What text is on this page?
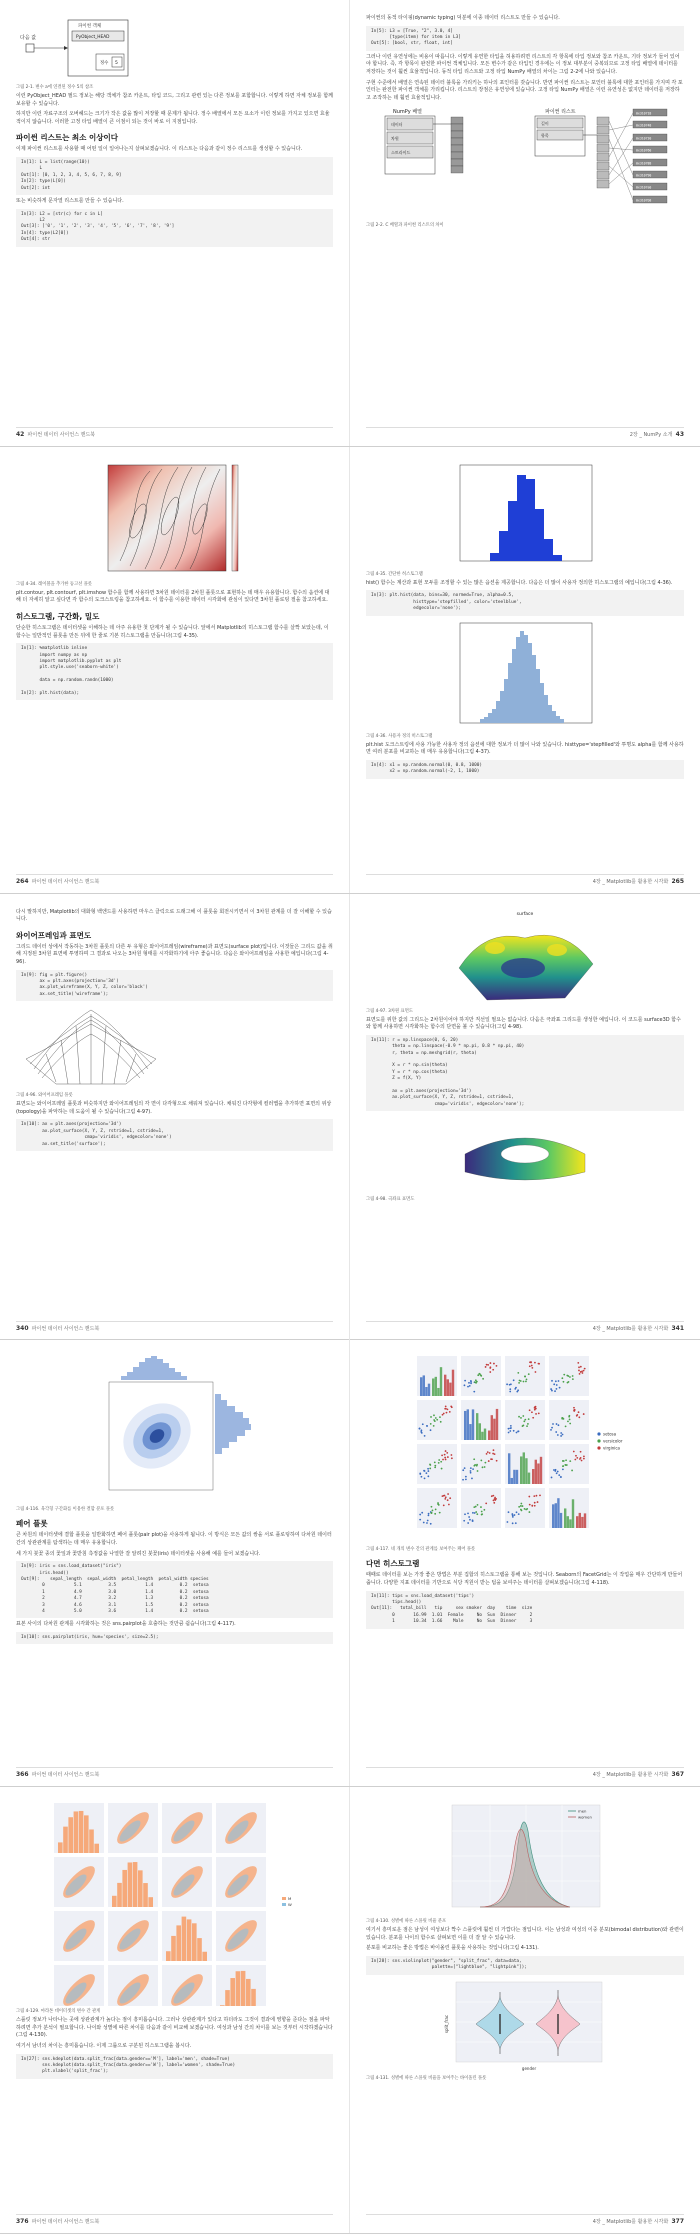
다음 값
파이썬 객체
PyObject_HEAD
정수 5
그림 2-1. 변수 a에 연결된 정수 5의 참조

이런 PyObject_HEAD 필드 정보는 해당 객체가 참조 카운트, 타입 코드, 그리고 관련 있는 다른 정보를 포함합니다. 이렇게 하면 자체 정보를 함께 보유할 수 있습니다.

하지만 이런 자료구조의 오버헤드는 크기가 작은 값을 많이 저장할 때 문제가 됩니다. 정수 배열에서 모든 요소가 이런 정보를 가지고 있으면 효율적이지 않습니다. 이러한 고정 타입 배열이 큰 이점이 되는 것이 바로 이 지점입니다.

파이썬 리스트는 최소 이상이다

이제 파이썬 리스트를 사용할 때 어떤 일이 일어나는지 살펴보겠습니다. 이 리스트는 다음과 같이 정수 리스트를 생성할 수 있습니다.

In[1]: L = list(range(10))
L
Out[1]: [0, 1, 2, 3, 4, 5, 6, 7, 8, 9]
In[2]: type(L[0])
Out[2]: int

또는 비슷하게 문자열 리스트를 만들 수 있습니다.

In[3]: L2 = [str(c) for c in L]
L2
Out[3]: ['0', '1', '2', '3', '4', '5', '6', '7', '8', '9']
In[4]: type(L2[0])
Out[4]: str
42 파이썬 데이터 사이언스 핸드북

파이썬의 동적 타이핑(dynamic typing) 덕분에 이종 데이터 리스트도 만들 수 있습니다.

In[5]: L3 = [True, "2", 3.0, 4]
[type(item) for item in L3]
Out[5]: [bool, str, float, int]

그러나 이런 유연성에는 비용이 따릅니다. 이렇게 유연한 타입을 허용하려면 리스트의 각 항목에 타입 정보와 참조 카운트, 기타 정보가 들어 있어야 합니다. 즉, 각 항목이 완전한 파이썬 객체입니다. 모든 변수가 같은 타입인 경우에는 이 정보 대부분이 중복되므로 고정 타입 배열에 데이터를 저장하는 것이 훨씬 효율적입니다. 동적 타입 리스트와 고정 타입 NumPy 배열의 차이는 그림 2-2에 나와 있습니다.

구현 수준에서 배열은 연속된 데이터 블록을 가리키는 하나의 포인터를 갖습니다. 반면 파이썬 리스트는 포인터 블록에 대한 포인터를 가지며 각 포인터는 완전한 파이썬 객체를 가리킵니다. 리스트의 장점은 유연성에 있습니다. 고정 타입 NumPy 배열은 이런 유연성은 없지만 데이터를 저장하고 조작하는 데 훨씬 효율적입니다.

NumPy 배열
데이터
차원
스트라이드
파이썬 리스트
길이
항목
0x310718
0x310748
0x310730
0x310760
0x310788
0x310790
0x3107a0
0x3107b8
그림 2-2. C 배열과 파이썬 리스트의 차이
2장 _ NumPy 소개 43
그림 4-34. 레이블을 추가한 등고선 플롯

plt.contour, plt.contourf, plt.imshow 함수를 함께 사용하면 3차원 데이터를 2차원 플롯으로 표현하는 데 매우 유용합니다. 함수의 옵션에 대해 더 자세히 알고 싶다면 각 함수의 도크스트링을 참고하세요. 이 함수를 이용한 데이터 시각화에 관심이 있다면 3차원 플로팅 절을 참고하세요.

히스토그램, 구간화, 밀도

단순한 히스토그램은 데이터셋을 이해하는 데 아주 유용한 첫 단계가 될 수 있습니다. 앞에서 Matplotlib의 히스토그램 함수를 살짝 보았는데, 이 함수는 일반적인 플롯을 만든 뒤에 한 줄로 기본 히스토그램을 만듭니다(그림 4-35).

In[1]: %matplotlib inline
import numpy as np
import matplotlib.pyplot as plt
plt.style.use('seaborn-white')

data = np.random.randn(1000)

In[2]: plt.hist(data);
264 파이썬 데이터 사이언스 핸드북
그림 4-35. 간단한 히스토그램

hist() 함수는 계산과 표현 모두를 조정할 수 있는 많은 옵션을 제공합니다. 다음은 더 많이 사용자 정의한 히스토그램의 예입니다(그림 4-36).

In[3]: plt.hist(data, bins=30, normed=True, alpha=0.5,
histtype='stepfilled', color='steelblue',
edgecolor='none');
그림 4-36. 사용자 정의 히스토그램

plt.hist 도크스트링에 사용 가능한 사용자 정의 옵션에 대한 정보가 더 많이 나와 있습니다. histtype='stepfilled'와 투명도 alpha를 함께 사용하면 여러 분포를 비교하는 데 매우 유용합니다(그림 4-37).

In[4]: x1 = np.random.normal(0, 0.8, 1000)
x2 = np.random.normal(-2, 1, 1000)
4장 _ Matplotlib를 활용한 시각화 265

다시 말하지만, Matplotlib의 대화형 백엔드를 사용하면 마우스 클릭으로 드래그해 이 플롯을 회전시키면서 이 3차원 관계를 더 잘 이해할 수 있습니다.

와이어프레임과 표면도

그리드 데이터 상에서 작동하는 3차원 플롯의 다른 두 유형은 와이어프레임(wireframe)과 표면도(surface plot)입니다. 이것들은 그리드 값을 취해 지정된 3차원 표면에 투영하며 그 결과로 나오는 3차원 형태를 시각화하기에 아주 좋습니다. 다음은 와이어프레임을 사용한 예입니다(그림 4-96).

In[9]: fig = plt.figure()
ax = plt.axes(projection='3d')
ax.plot_wireframe(X, Y, Z, color='black')
ax.set_title('wireframe');
그림 4-96. 와이어프레임 플롯

표면도는 와이어프레임 플롯과 비슷하지만 와이어프레임의 각 면이 다각형으로 채워져 있습니다. 채워진 다각형에 컬러맵을 추가하면 표면의 위상(topology)을 파악하는 데 도움이 될 수 있습니다(그림 4-97).

In[10]: ax = plt.axes(projection='3d')
ax.plot_surface(X, Y, Z, rstride=1, cstride=1,
cmap='viridis', edgecolor='none')
ax.set_title('surface');
340 파이썬 데이터 사이언스 핸드북
surface
그림 4-97. 3차원 표면도

표면도를 위한 값의 그리드는 2차원이어야 하지만 직선일 필요는 없습니다. 다음은 극좌표 그리드를 생성한 예입니다. 이 코드를 surface3D 함수와 함께 사용하면 시각화하는 함수의 단면을 볼 수 있습니다(그림 4-98).

In[11]: r = np.linspace(0, 6, 20)
theta = np.linspace(-0.9 * np.pi, 0.8 * np.pi, 40)
r, theta = np.meshgrid(r, theta)

X = r * np.sin(theta)
Y = r * np.cos(theta)
Z = f(X, Y)

ax = plt.axes(projection='3d')
ax.plot_surface(X, Y, Z, rstride=1, cstride=1,
cmap='viridis', edgecolor='none');
그림 4-98. 극좌표 표면도
4장 _ Matplotlib를 활용한 시각화 341
그림 4-116. 육각형 구간화를 이용한 결합 분포 플롯
페어 플롯

큰 차원의 데이터셋에 결합 플롯을 일반화하면 페어 플롯(pair plot)을 사용하게 됩니다. 이 방식은 모든 값의 쌍을 서로 플로팅하여 다차원 데이터 간의 상관관계를 탐색하는 데 매우 유용합니다.

세 가지 붓꽃 종의 꽃잎과 꽃받침 측정값을 나열한 잘 알려진 붓꽃(iris) 데이터셋을 사용해 예를 들어 보겠습니다.

In[9]: iris = sns.load_dataset("iris")
iris.head()
Out[9]:    sepal_length  sepal_width  petal_length  petal_width species
0           5.1          3.5           1.4          0.2  setosa
1           4.9          3.0           1.4          0.2  setosa
2           4.7          3.2           1.3          0.2  setosa
3           4.6          3.1           1.5          0.2  setosa
4           5.0          3.6           1.4          0.2  setosa

표본 사이의 다차원 관계를 시각화하는 것은 sns.pairplot을 호출하는 것만큼 쉽습니다(그림 4-117).

In[10]: sns.pairplot(iris, hue='species', size=2.5);
366 파이썬 데이터 사이언스 핸드북
setosa
versicolor
virginica
그림 4-117. 네 개의 변수 간의 관계를 보여주는 페어 플롯
다면 히스토그램

때때로 데이터를 보는 가장 좋은 방법은 부분 집합의 히스토그램을 통해 보는 것입니다. Seaborn의 FacetGrid는 이 작업을 매우 간단하게 만들어 줍니다. 다양한 지표 데이터를 기반으로 식당 직원이 받는 팁을 보여주는 데이터를 살펴보겠습니다(그림 4-118).

In[11]: tips = sns.load_dataset('tips')
tips.head()
Out[11]:   total_bill   tip     sex smoker  day    time  size
0       16.99  1.01  Female     No  Sun  Dinner     2
1       10.34  1.66    Male     No  Sun  Dinner     3
4장 _ Matplotlib를 활용한 시각화 367
M
W
그림 4-129. 마라톤 데이터셋의 변수 간 관계

스플릿 정보가 나타나는 곳에 상관관계가 높다는 점이 흥미롭습니다. 그러나 상관관계가 있다고 하더라도 그것이 결과에 영향을 준다는 점을 파악하려면 추가 분석이 필요합니다. 나이와 성별에 따른 차이를 다음과 같이 비교해 보겠습니다. 여성과 남성 간의 차이를 보는 것부터 시작하겠습니다(그림 4-130).

여기서 남녀의 차이는 흥미롭습니다. 이제 그룹으로 구분된 히스토그램을 봅시다.

In[27]: sns.kdeplot(data.split_frac[data.gender=='M'], label='men', shade=True)
sns.kdeplot(data.split_frac[data.gender=='W'], label='women', shade=True)
plt.xlabel('split_frac');
376 파이썬 데이터 사이언스 핸드북
men
women
그림 4-130. 성별에 따른 스플릿 비율 분포

여기서 흥미로운 점은 남성이 여성보다 짝수 스플릿에 훨씬 더 가깝다는 점입니다. 이는 남성과 여성의 이중 분포(bimodal distribution)와 관련이 있습니다. 분포를 나이의 함수로 살펴보면 이를 더 잘 알 수 있습니다.

분포를 비교하는 좋은 방법은 바이올린 플롯을 사용하는 것입니다(그림 4-131).

In[28]: sns.violinplot("gender", "split_frac", data=data,
palette=["lightblue", "lightpink"]);
gender
split_frac
그림 4-131. 성별에 따른 스플릿 비율을 보여주는 바이올린 플롯
4장 _ Matplotlib를 활용한 시각화 377
